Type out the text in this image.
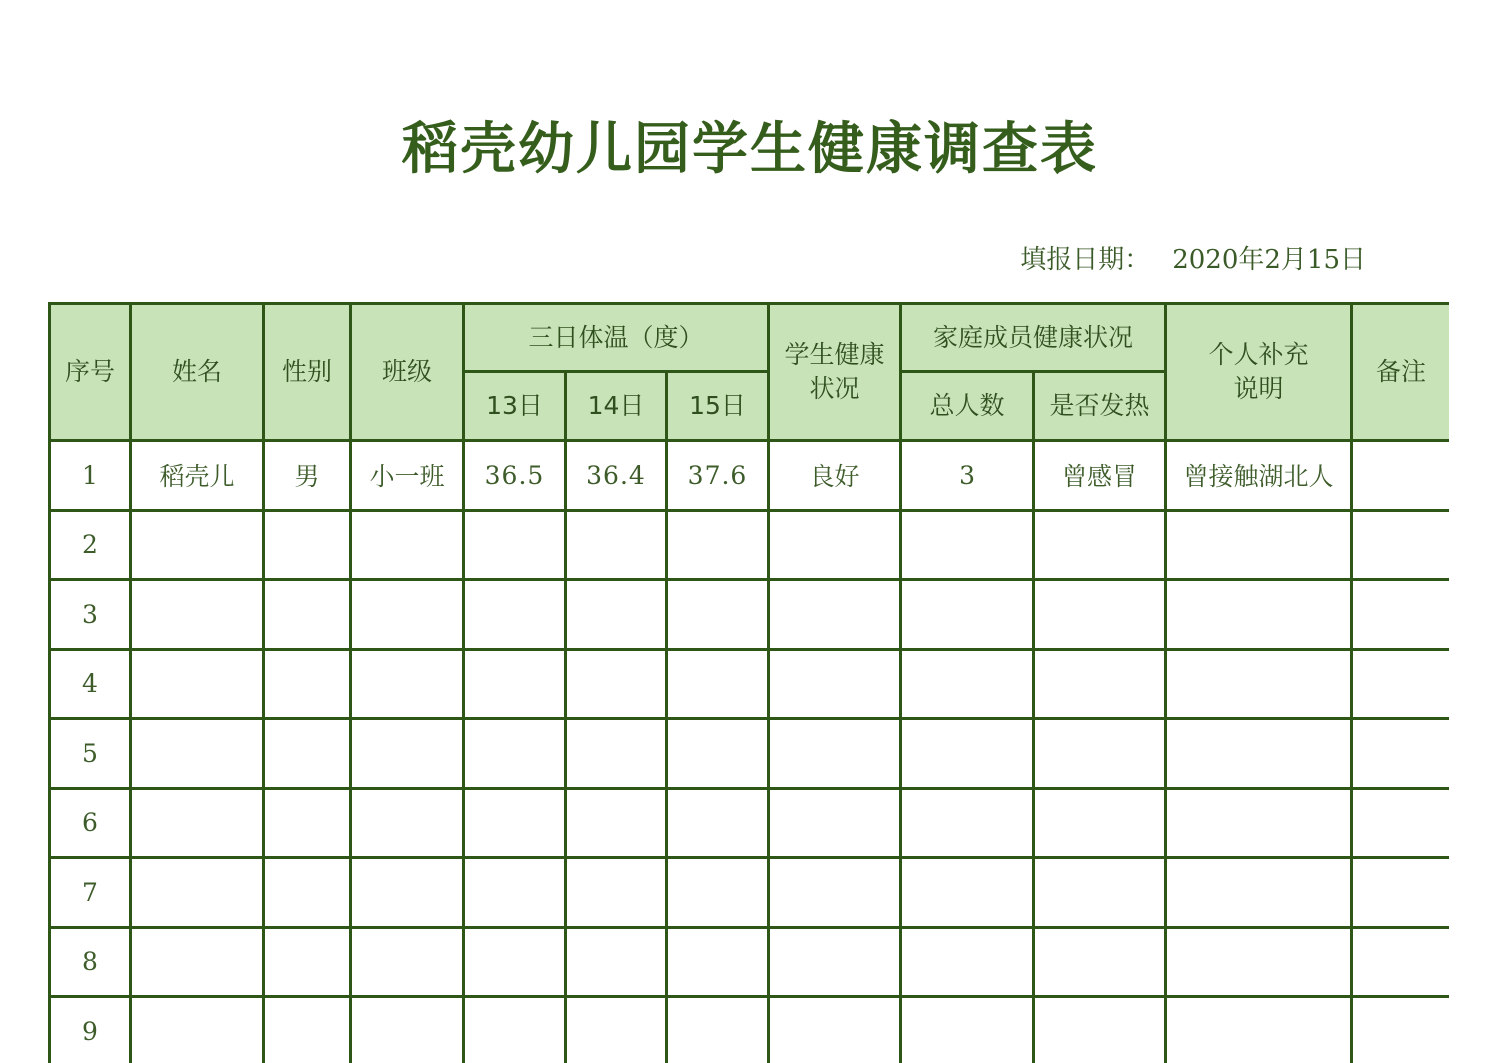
稻壳幼儿园学生健康调查表
填报日期： 2020年2月15日
序号	姓名	性别	班级	三日体温（度）			学生健康状况	家庭成员健康状况		个人补充说明	备注
				13日	14日	15日		总人数	是否发热		
1	稻壳儿	男	小一班	36.5	36.4	37.6	良好	3	曾感冒	曾接触湖北人	
2											
3											
4											
5											
6											
7											
8											
9											
